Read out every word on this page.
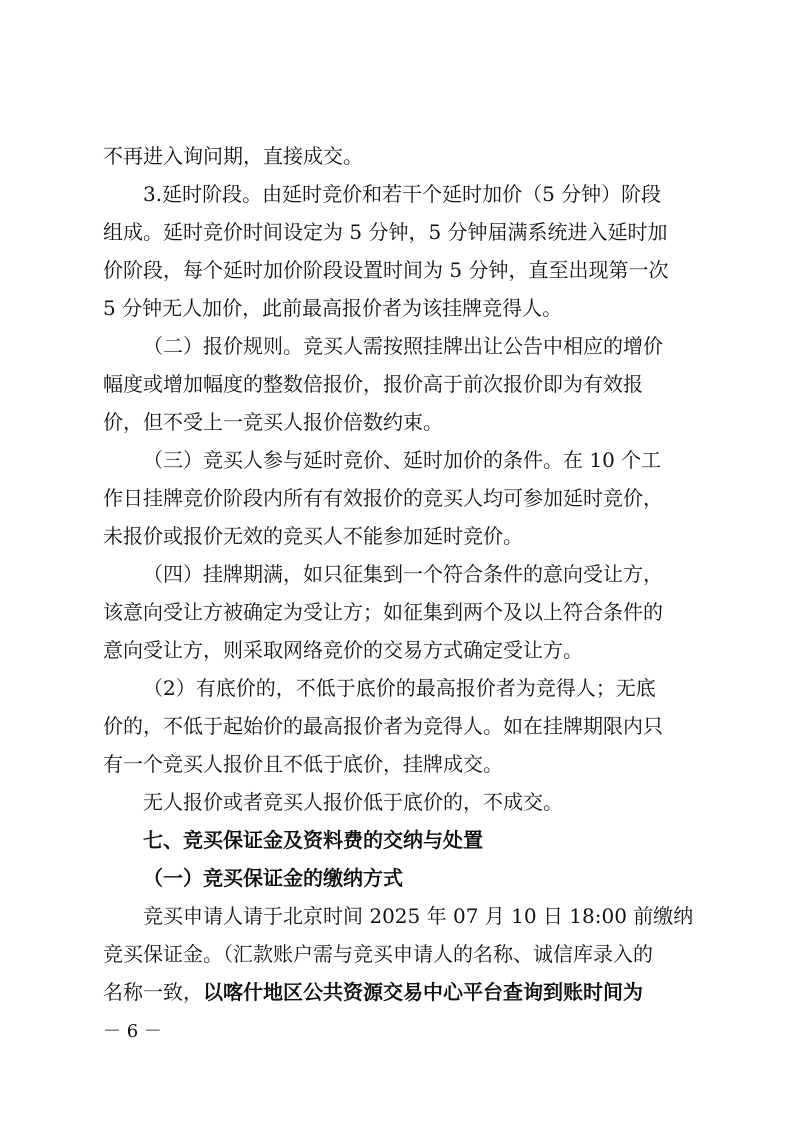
不再进入询问期，直接成交。
3.延时阶段。由延时竞价和若干个延时加价（5 分钟）阶段
组成。延时竞价时间设定为 5 分钟，5 分钟届满系统进入延时加
价阶段，每个延时加价阶段设置时间为 5 分钟，直至出现第一次
5 分钟无人加价，此前最高报价者为该挂牌竞得人。
（二）报价规则。竞买人需按照挂牌出让公告中相应的增价
幅度或增加幅度的整数倍报价，报价高于前次报价即为有效报
价，但不受上一竞买人报价倍数约束。
（三）竞买人参与延时竞价、延时加价的条件。在 10 个工
作日挂牌竞价阶段内所有有效报价的竞买人均可参加延时竞价，
未报价或报价无效的竞买人不能参加延时竞价。
（四）挂牌期满，如只征集到一个符合条件的意向受让方，
该意向受让方被确定为受让方；如征集到两个及以上符合条件的
意向受让方，则采取网络竞价的交易方式确定受让方。
（2）有底价的，不低于底价的最高报价者为竞得人；无底
价的，不低于起始价的最高报价者为竞得人。如在挂牌期限内只
有一个竞买人报价且不低于底价，挂牌成交。
无人报价或者竞买人报价低于底价的，不成交。
七、竞买保证金及资料费的交纳与处置
（一）竞买保证金的缴纳方式
竞买申请人请于北京时间 2025 年 07 月 10 日 18:00 前缴纳
竞买保证金。（汇款账户需与竞买申请人的名称、诚信库录入的
名称一致，以喀什地区公共资源交易中心平台查询到账时间为
－ 6 －
